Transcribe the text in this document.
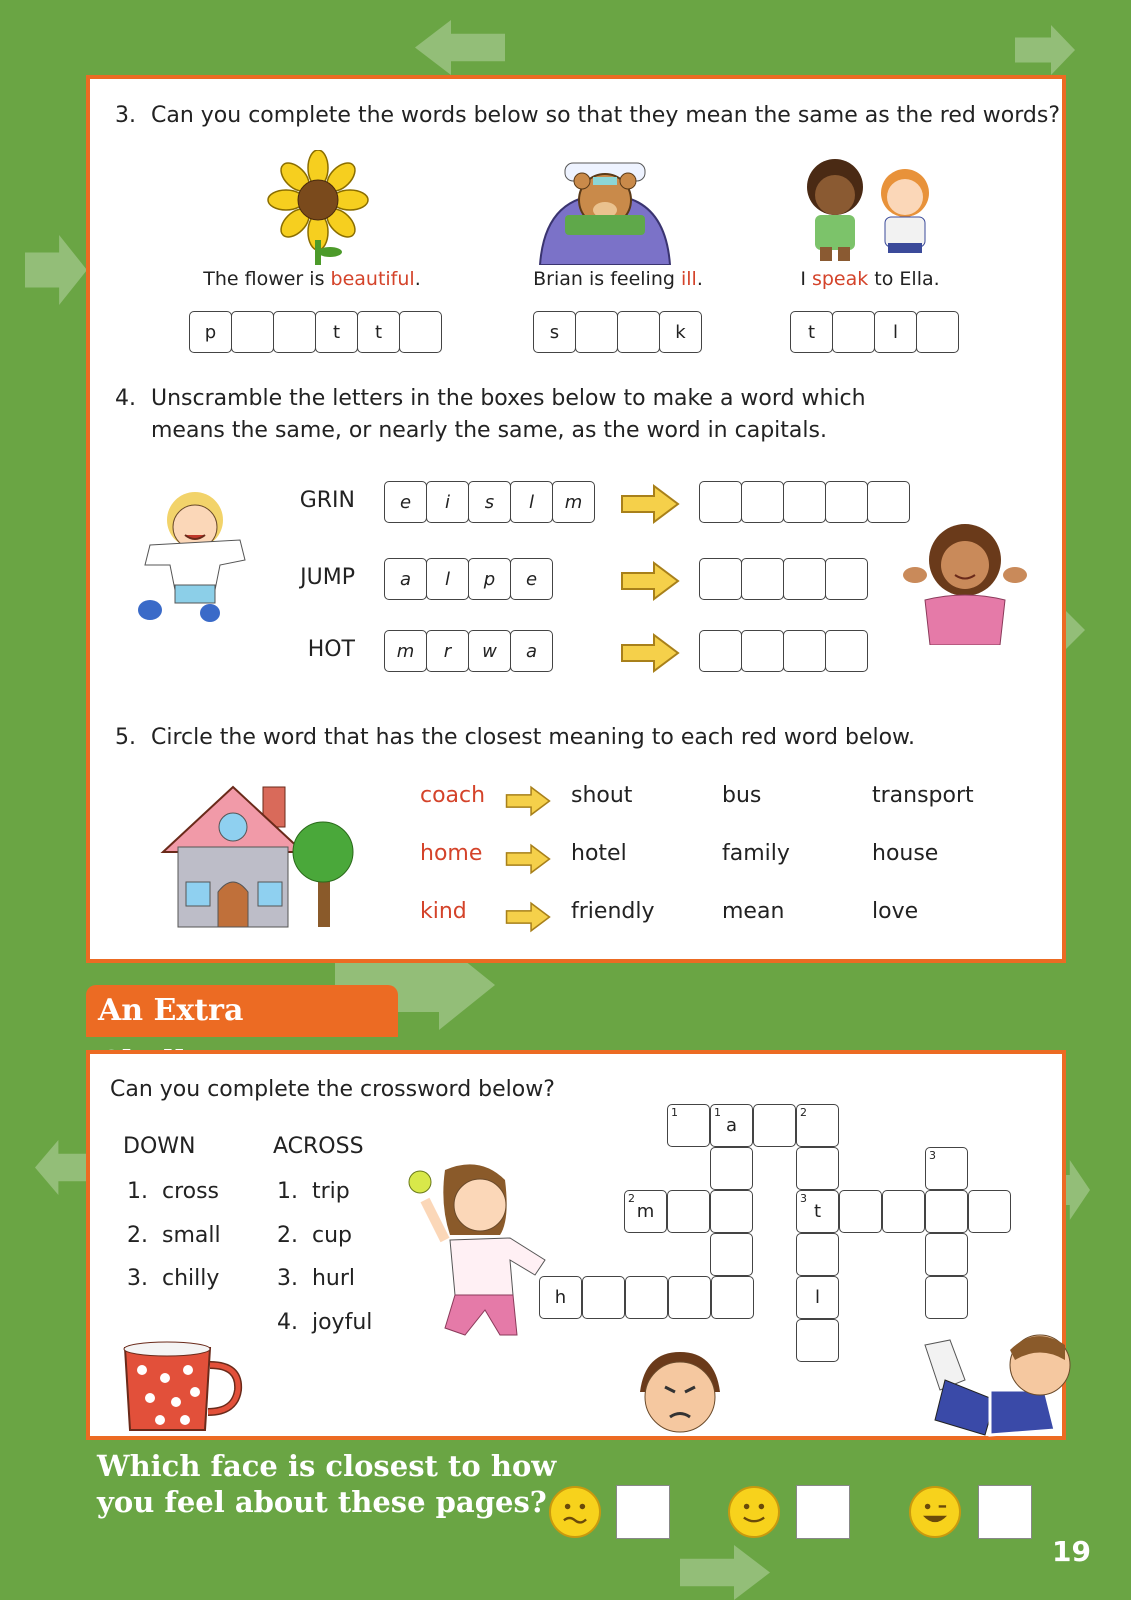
3. Can you complete the words below so that they mean the same as the red words?
The flower is beautiful.	Brian is feeling ill.	I speak to Ella.
p	t	t	s	k	t	l
4. Unscramble the letters in the boxes below to make a word which
means the same, or nearly the same, as the word in capitals.
GRIN	e	i	s	l	m
JUMP	a	l	p	e
HOT	m	r	w	a
5. Circle the word that has the closest meaning to each red word below.
coach	shout	bus	transport
home	hotel	family	house
kind	friendly	mean	love
An Extra
Can you complete the crossword below?
DOWN	ACROSS
1.  cross
2.  small
3.  chilly
1.  trip
2.  cup
3.  hurl
4.  joyful
1	1
a
2
3
2
m
3
t
h	l
Which face is closest to how
you feel about these pages?
19
